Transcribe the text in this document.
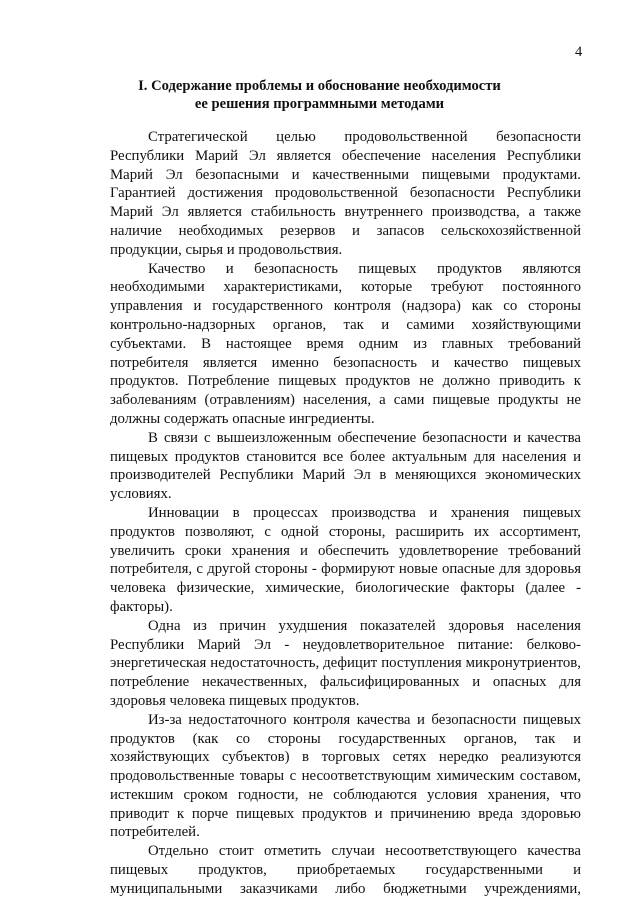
4
I. Содержание проблемы и обоснование необходимости
ее решения программными методами

Стратегической целью продовольственной безопасности Республики Марий Эл является обеспечение населения Республики Марий Эл безопасными и качественными пищевыми продуктами. Гарантией достижения продовольственной безопасности Республики Марий Эл является стабильность внутреннего производства, а также наличие необходимых резервов и запасов сельскохозяйственной продукции, сырья и продовольствия.

Качество и безопасность пищевых продуктов являются необходимыми характеристиками, которые требуют постоянного управления и государственного контроля (надзора) как со стороны контрольно-надзорных органов, так и самими хозяйствующими субъектами. В настоящее время одним из главных требований потребителя является именно безопасность и качество пищевых продуктов. Потребление пищевых продуктов не должно приводить к заболеваниям (отравлениям) населения, а сами пищевые продукты не должны содержать опасные ингредиенты.

В связи с вышеизложенным обеспечение безопасности и качества пищевых продуктов становится все более актуальным для населения и производителей Республики Марий Эл в меняющихся экономических условиях.

Инновации в процессах производства и хранения пищевых продуктов позволяют, с одной стороны, расширить их ассортимент, увеличить сроки хранения и обеспечить удовлетворение требований потребителя, с другой стороны - формируют новые опасные для здоровья человека физические, химические, биологические факторы (далее - факторы).

Одна из причин ухудшения показателей здоровья населения Республики Марий Эл - неудовлетворительное питание: белково-энергетическая недостаточность, дефицит поступления микронутриентов, потребление некачественных, фальсифицированных и опасных для здоровья человека пищевых продуктов.

Из-за недостаточного контроля качества и безопасности пищевых продуктов (как со стороны государственных органов, так и хозяйствующих субъектов) в торговых сетях нередко реализуются продовольственные товары с несоответствующим химическим составом, истекшим сроком годности, не соблюдаются условия хранения, что приводит к порче пищевых продуктов и причинению вреда здоровью потребителей.

Отдельно стоит отметить случаи несоответствующего качества пищевых продуктов, приобретаемых государственными и муниципальными заказчиками либо бюджетными учреждениями,
